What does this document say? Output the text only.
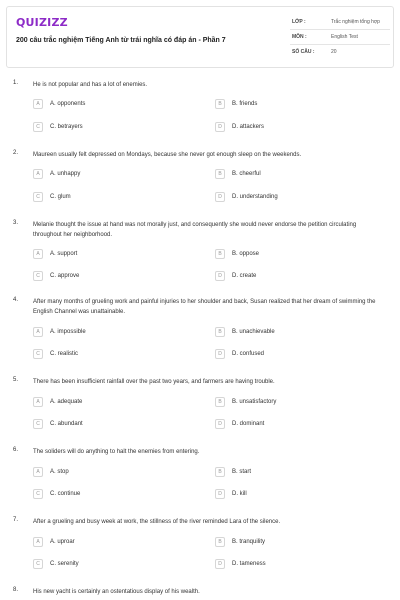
QUIZIZZ
200 câu trắc nghiệm Tiếng Anh từ trái nghĩa có đáp án - Phần 7
LỚP :	Trắc nghiệm tổng hợp
MÔN :	English Test
SỐ CÂU :	20
1. He is not popular and has a lot of enemies.
A	A. opponents	B	B. friends
C	C. betrayers	D	D. attackers
2. Maureen usually felt depressed on Mondays, because she never got enough sleep on the weekends.
A	A. unhappy	B	B. cheerful
C	C. glum	D	D. understanding
3. Melanie thought the issue at hand was not morally just, and consequently she would never endorse the petition circulating throughout her neighborhood.
A	A. support	B	B. oppose
C	C. approve	D	D. create
4. After many months of grueling work and painful injuries to her shoulder and back, Susan realized that her dream of swimming the English Channel was unattainable.
A	A. impossible	B	B. unachievable
C	C. realistic	D	D. confused
5. There has been insufficient rainfall over the past two years, and farmers are having trouble.
A	A. adequate	B	B. unsatisfactory
C	C. abundant	D	D. dominant
6. The soliders will do anything to halt the enemies from entering.
A	A. stop	B	B. start
C	C. continue	D	D. kill
7. After a grueling and busy week at work, the stillness of the river reminded Lara of the silence.
A	A. uproar	B	B. tranquility
C	C. serenity	D	D. tameness
8. His new yacht is certainly an ostentatious display of his wealth.
